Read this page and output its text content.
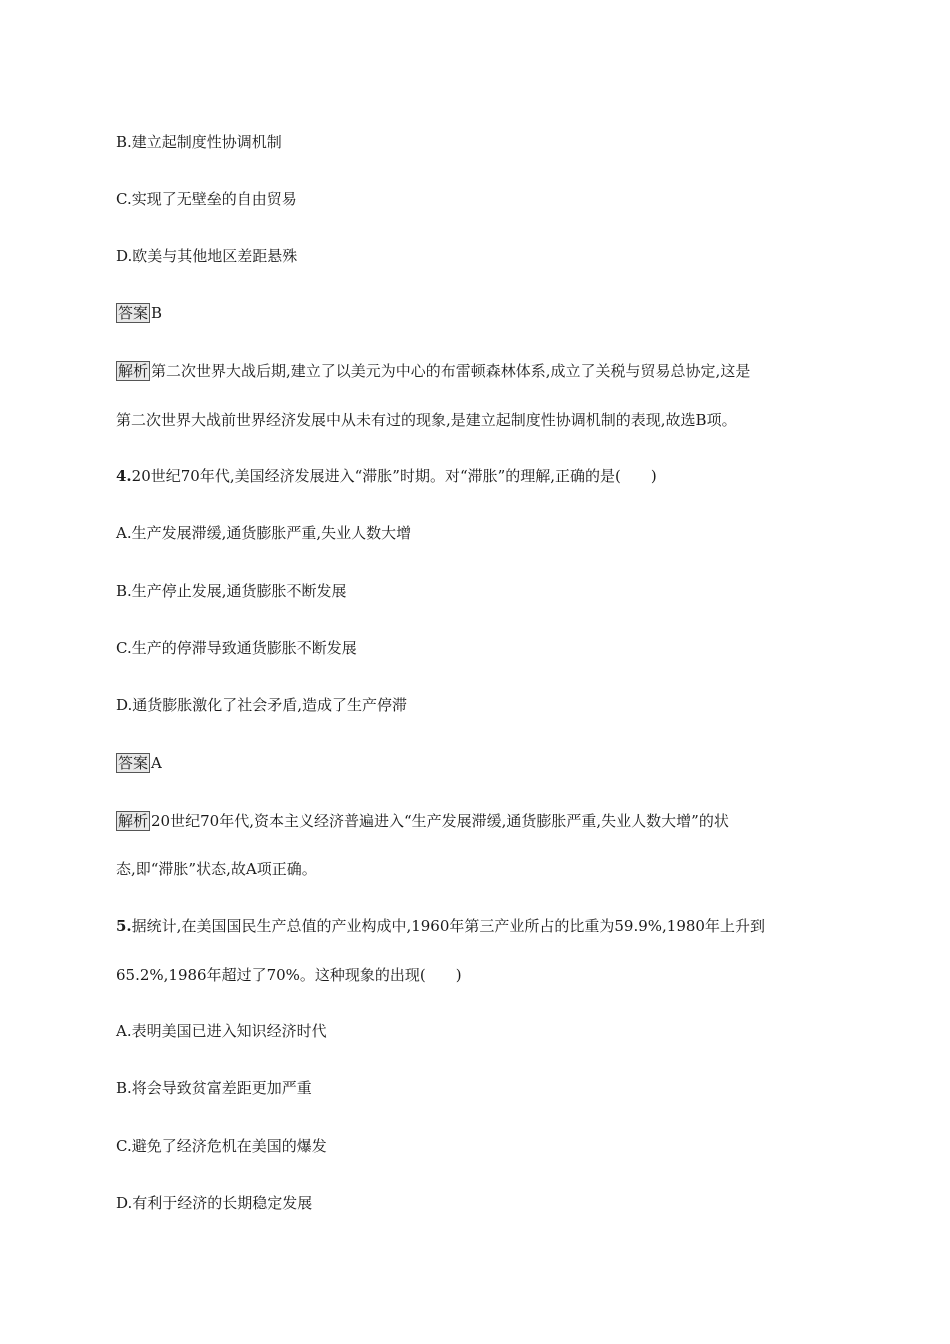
B.建立起制度性协调机制
C.实现了无壁垒的自由贸易
D.欧美与其他地区差距悬殊
答案 B
解析 第二次世界大战后期,建立了以美元为中心的布雷顿森林体系,成立了关税与贸易总协定,这是
第二次世界大战前世界经济发展中从未有过的现象,是建立起制度性协调机制的表现,故选B项。
4.20世纪70年代,美国经济发展进入“滞胀”时期。对“滞胀”的理解,正确的是(　　)
A.生产发展滞缓,通货膨胀严重,失业人数大增
B.生产停止发展,通货膨胀不断发展
C.生产的停滞导致通货膨胀不断发展
D.通货膨胀激化了社会矛盾,造成了生产停滞
答案 A
解析 20世纪70年代,资本主义经济普遍进入“生产发展滞缓,通货膨胀严重,失业人数大增”的状
态,即“滞胀”状态,故A项正确。
5.据统计,在美国国民生产总值的产业构成中,1960年第三产业所占的比重为59.9%,1980年上升到
65.2%,1986年超过了70%。这种现象的出现(　　)
A.表明美国已进入知识经济时代
B.将会导致贫富差距更加严重
C.避免了经济危机在美国的爆发
D.有利于经济的长期稳定发展
